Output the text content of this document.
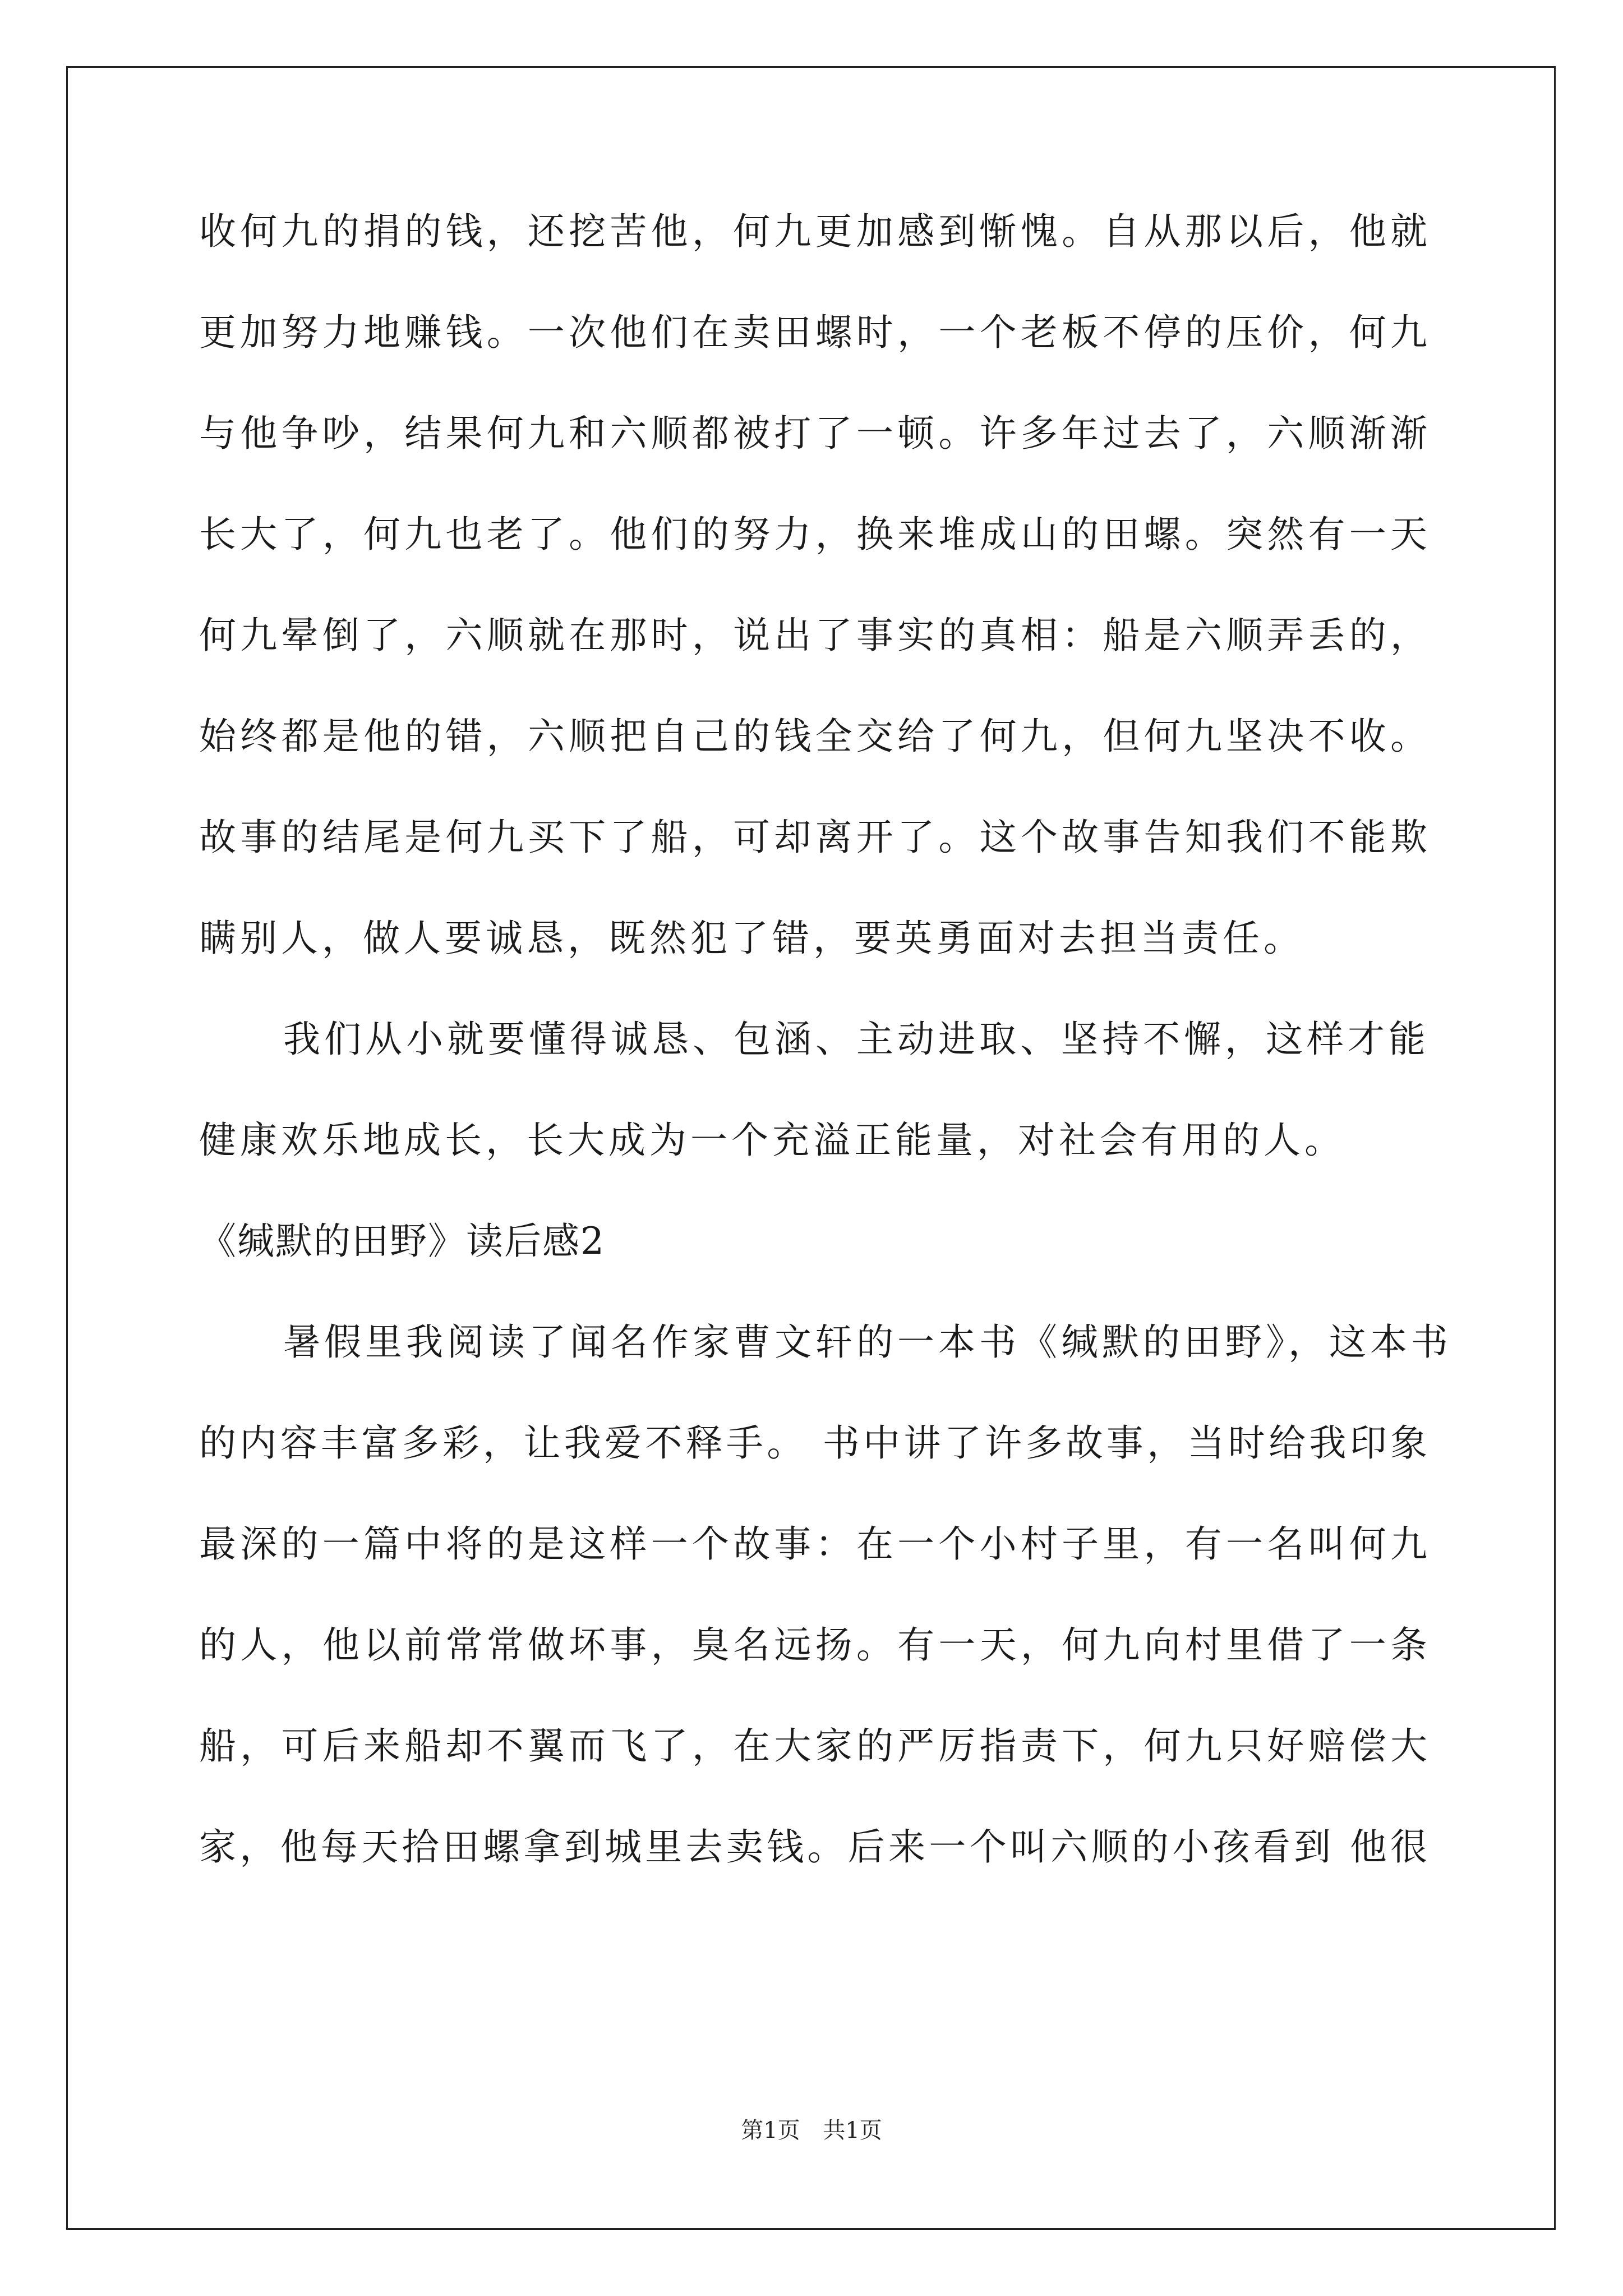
收何九的捐的钱，还挖苦他，何九更加感到惭愧。自从那以后，他就
更加努力地赚钱。一次他们在卖田螺时，一个老板不停的压价，何九
与他争吵，结果何九和六顺都被打了一顿。许多年过去了，六顺渐渐
长大了，何九也老了。他们的努力，换来堆成山的田螺。突然有一天
何九晕倒了，六顺就在那时，说出了事实的真相：船是六顺弄丢的，
始终都是他的错，六顺把自己的钱全交给了何九，但何九坚决不收。
故事的结尾是何九买下了船，可却离开了。这个故事告知我们不能欺
瞒别人，做人要诚恳，既然犯了错，要英勇面对去担当责任。
我们从小就要懂得诚恳、包涵、主动进取、坚持不懈，这样才能
健康欢乐地成长，长大成为一个充溢正能量，对社会有用的人。
《缄默的田野》读后感2
暑假里我阅读了闻名作家曹文轩的一本书《缄默的田野》，这本书
的内容丰富多彩，让我爱不释手。 书中讲了许多故事，当时给我印象
最深的一篇中将的是这样一个故事：在一个小村子里，有一名叫何九
的人，他以前常常做坏事，臭名远扬。有一天，何九向村里借了一条
船，可后来船却不翼而飞了，在大家的严厉指责下，何九只好赔偿大
家，他每天拾田螺拿到城里去卖钱。后来一个叫六顺的小孩看到 他很
第1页 共1页
